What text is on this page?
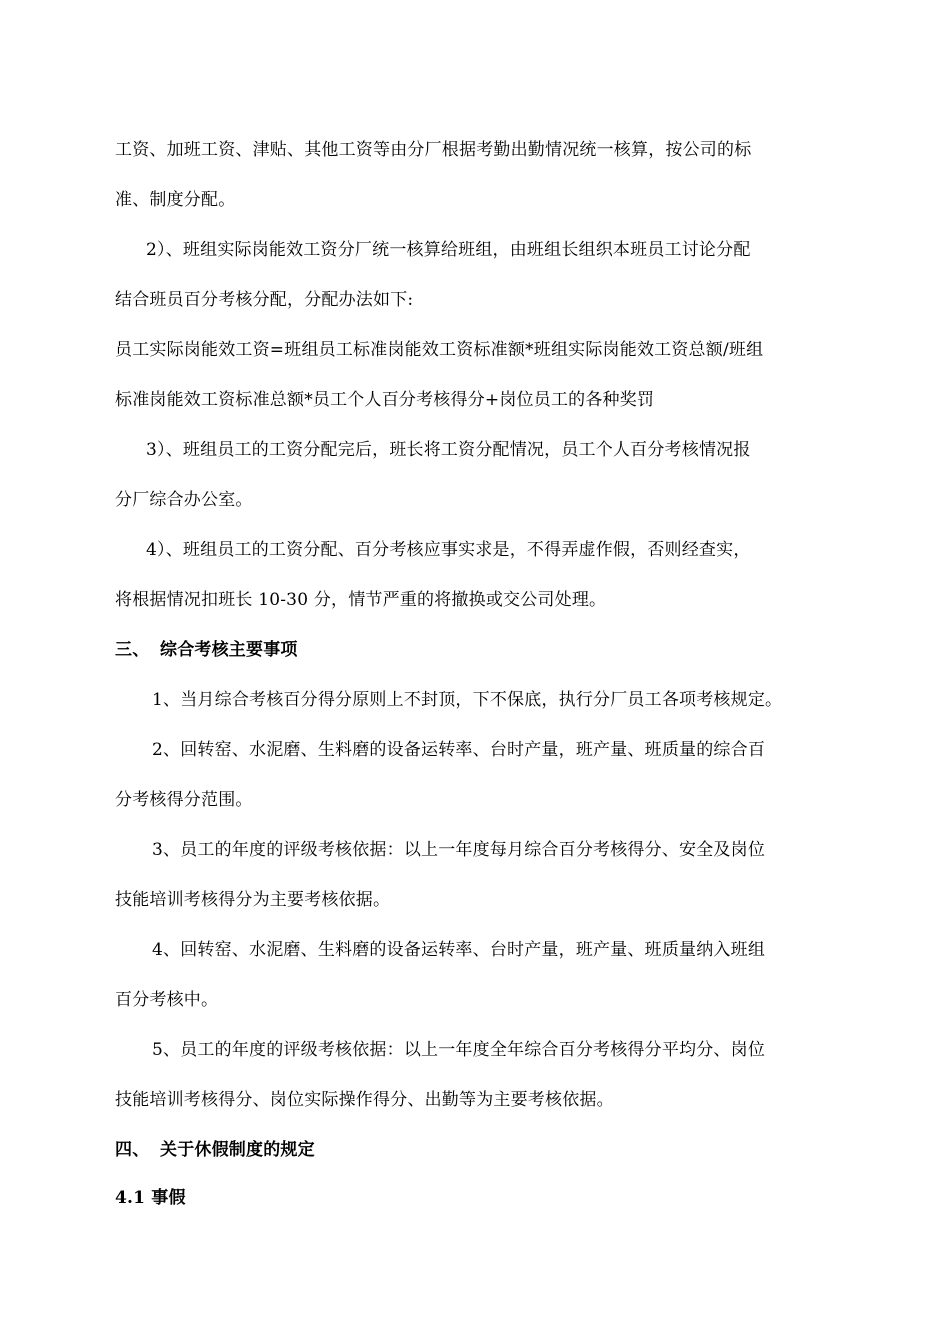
工资、加班工资、津贴、其他工资等由分厂根据考勤出勤情况统一核算，按公司的标
准、制度分配。
2）、班组实际岗能效工资分厂统一核算给班组，由班组长组织本班员工讨论分配
结合班员百分考核分配，分配办法如下:
员工实际岗能效工资=班组员工标准岗能效工资标准额*班组实际岗能效工资总额/班组
标准岗能效工资标准总额*员工个人百分考核得分+岗位员工的各种奖罚
3）、班组员工的工资分配完后，班长将工资分配情况，员工个人百分考核情况报
分厂综合办公室。
4）、班组员工的工资分配、百分考核应事实求是，不得弄虚作假，否则经查实，
将根据情况扣班长 10-30 分，情节严重的将撤换或交公司处理。
三、 综合考核主要事项
1、当月综合考核百分得分原则上不封顶，下不保底，执行分厂员工各项考核规定。
2、回转窑、水泥磨、生料磨的设备运转率、台时产量，班产量、班质量的综合百
分考核得分范围。
3、员工的年度的评级考核依据：以上一年度每月综合百分考核得分、安全及岗位
技能培训考核得分为主要考核依据。
4、回转窑、水泥磨、生料磨的设备运转率、台时产量，班产量、班质量纳入班组
百分考核中。
5、员工的年度的评级考核依据：以上一年度全年综合百分考核得分平均分、岗位
技能培训考核得分、岗位实际操作得分、出勤等为主要考核依据。
四、 关于休假制度的规定
4.1 事假
